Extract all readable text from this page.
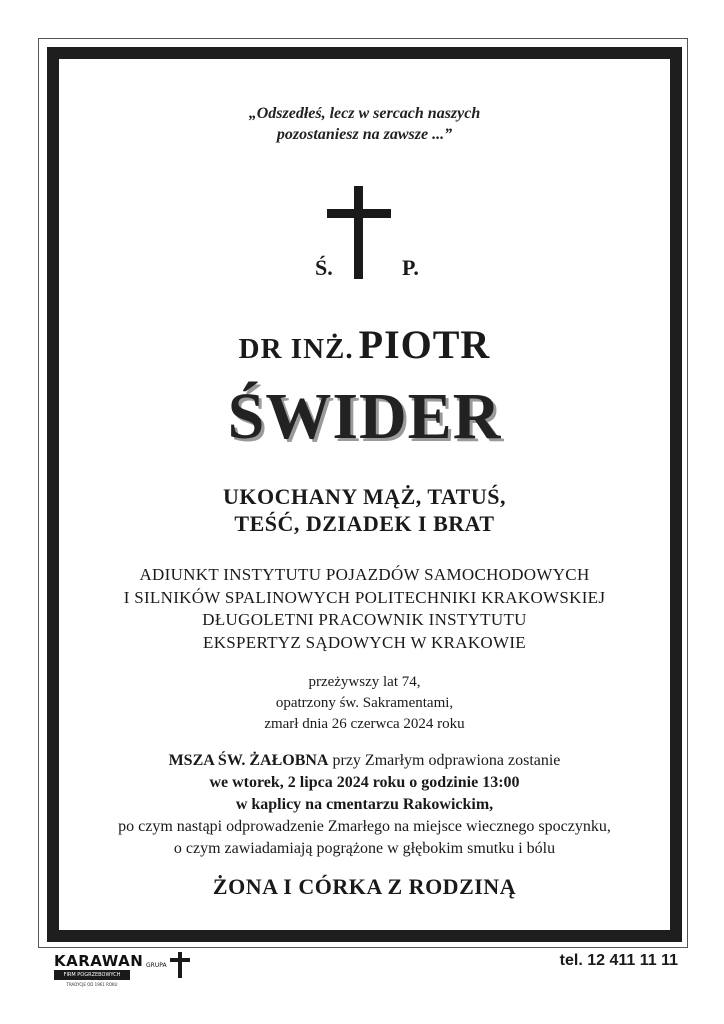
„Odszedłeś, lecz w sercach naszych
pozostaniesz na zawsze ...”
Ś.	P.
DR INŻ. PIOTR
ŚWIDER
UKOCHANY MĄŻ, TATUŚ,
TEŚĆ, DZIADEK I BRAT
ADIUNKT INSTYTUTU POJAZDÓW SAMOCHODOWYCH
I SILNIKÓW SPALINOWYCH POLITECHNIKI KRAKOWSKIEJ
DŁUGOLETNI PRACOWNIK INSTYTUTU
EKSPERTYZ SĄDOWYCH W KRAKOWIE
przeżywszy lat 74,
opatrzony św. Sakramentami,
zmarł dnia 26 czerwca 2024 roku
MSZA ŚW. ŻAŁOBNA przy Zmarłym odprawiona zostanie
we wtorek, 2 lipca 2024 roku o godzinie 13:00
w kaplicy na cmentarzu Rakowickim,
po czym nastąpi odprowadzenie Zmarłego na miejsce wiecznego spoczynku,
o czym zawiadamiają pogrążone w głębokim smutku i bólu
ŻONA I CÓRKA Z RODZINĄ
KARAWAN GRUPA
FIRM POGRZEBOWYCH
TRADYCJE OD 1961 ROKU
tel. 12 411 11 11
